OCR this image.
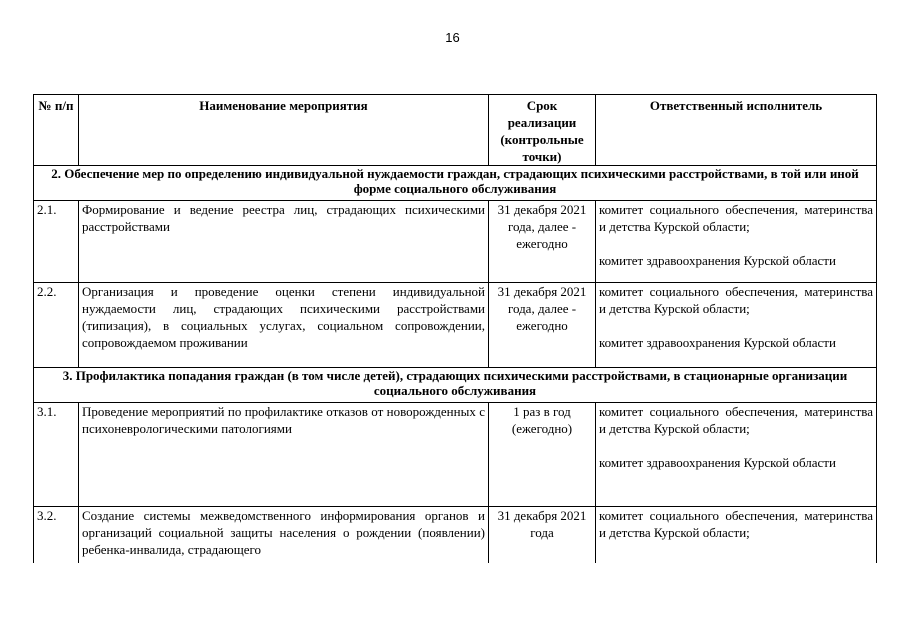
16
№ п/п	Наименование мероприятия	Срок реализации (контрольные точки)	Ответственный исполнитель
2. Обеспечение мер по определению индивидуальной нуждаемости граждан, страдающих психическими расстройствами, в той или иной форме социального обслуживания			
2.1.	Формирование и ведение реестра лиц, страдающих психическими расстройствами	31 декабря 2021 года, далее - ежегодно	комитет социального обеспечения, материнства и детства Курской области;

комитет здравоохранения Курской области

2.2.	Организация и проведение оценки степени индивидуальной нуждаемости лиц, страдающих психическими расстройствами (типизация), в социальных услугах, социальном сопровождении, сопровождаемом проживании	31 декабря 2021 года, далее - ежегодно	комитет социального обеспечения, материнства и детства Курской области;

комитет здравоохранения Курской области

3. Профилактика попадания граждан (в том числе детей), страдающих психическими расстройствами, в стационарные организации социального обслуживания			
3.1.	Проведение мероприятий по профилактике отказов от новорожденных с психоневрологическими патологиями	1 раз в год (ежегодно)	комитет социального обеспечения, материнства и детства Курской области;

комитет здравоохранения Курской области

3.2.	Создание системы межведомственного информирования органов и организаций социальной защиты населения о рождении (появлении) ребенка-инвалида, страдающего	31 декабря 2021 года	комитет социального обеспечения, материнства и детства Курской области;
